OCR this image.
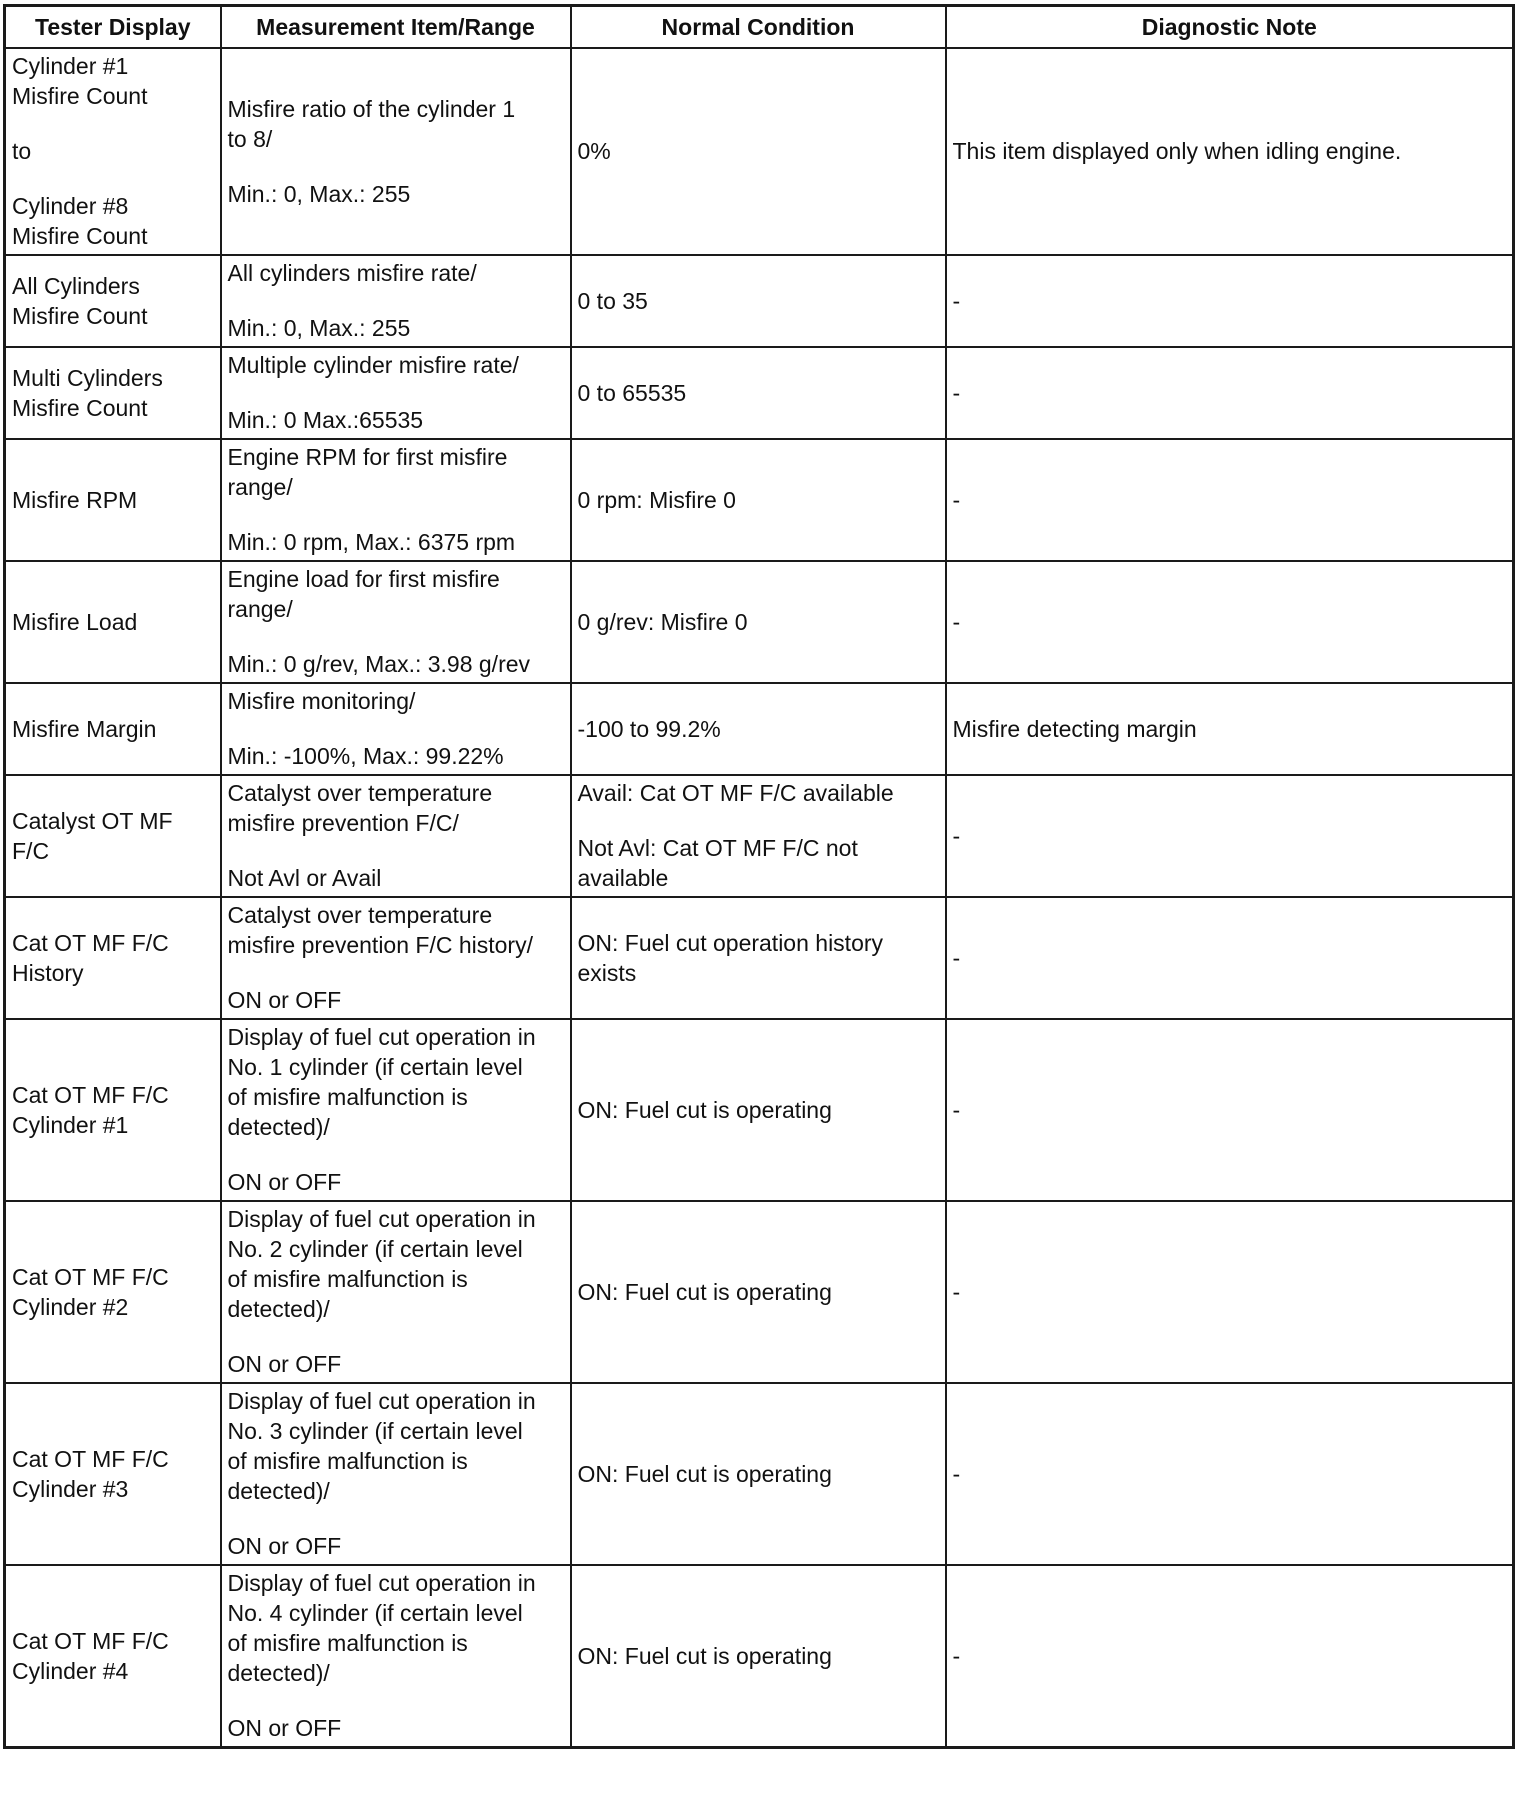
Tester Display	Measurement Item/Range	Normal Condition	Diagnostic Note

Cylinder #1
Misfire Count
to
Cylinder #8
Misfire Count	Misfire ratio of the cylinder 1
to 8/
Min.: 0, Max.: 255	0%	This item displayed only when idling engine.

All Cylinders
Misfire Count	All cylinders misfire rate/
Min.: 0, Max.: 255	0 to 35	-

Multi Cylinders
Misfire Count	Multiple cylinder misfire rate/
Min.: 0 Max.:65535	0 to 65535	-

Misfire RPM	Engine RPM for first misfire
range/
Min.: 0 rpm, Max.: 6375 rpm	0 rpm: Misfire 0	-

Misfire Load	Engine load for first misfire
range/
Min.: 0 g/rev, Max.: 3.98 g/rev	0 g/rev: Misfire 0	-

Misfire Margin	Misfire monitoring/
Min.: -100%, Max.: 99.22%	-100 to 99.2%	Misfire detecting margin

Catalyst OT MF
F/C	Catalyst over temperature
misfire prevention F/C/
Not Avl or Avail	Avail: Cat OT MF F/C available
Not Avl: Cat OT MF F/C not
available	-

Cat OT MF F/C
History	Catalyst over temperature
misfire prevention F/C history/
ON or OFF	ON: Fuel cut operation history
exists	-

Cat OT MF F/C
Cylinder #1	Display of fuel cut operation in
No. 1 cylinder (if certain level
of misfire malfunction is
detected)/
ON or OFF	ON: Fuel cut is operating	-

Cat OT MF F/C
Cylinder #2	Display of fuel cut operation in
No. 2 cylinder (if certain level
of misfire malfunction is
detected)/
ON or OFF	ON: Fuel cut is operating	-

Cat OT MF F/C
Cylinder #3	Display of fuel cut operation in
No. 3 cylinder (if certain level
of misfire malfunction is
detected)/
ON or OFF	ON: Fuel cut is operating	-

Cat OT MF F/C
Cylinder #4	Display of fuel cut operation in
No. 4 cylinder (if certain level
of misfire malfunction is
detected)/
ON or OFF	ON: Fuel cut is operating	-
